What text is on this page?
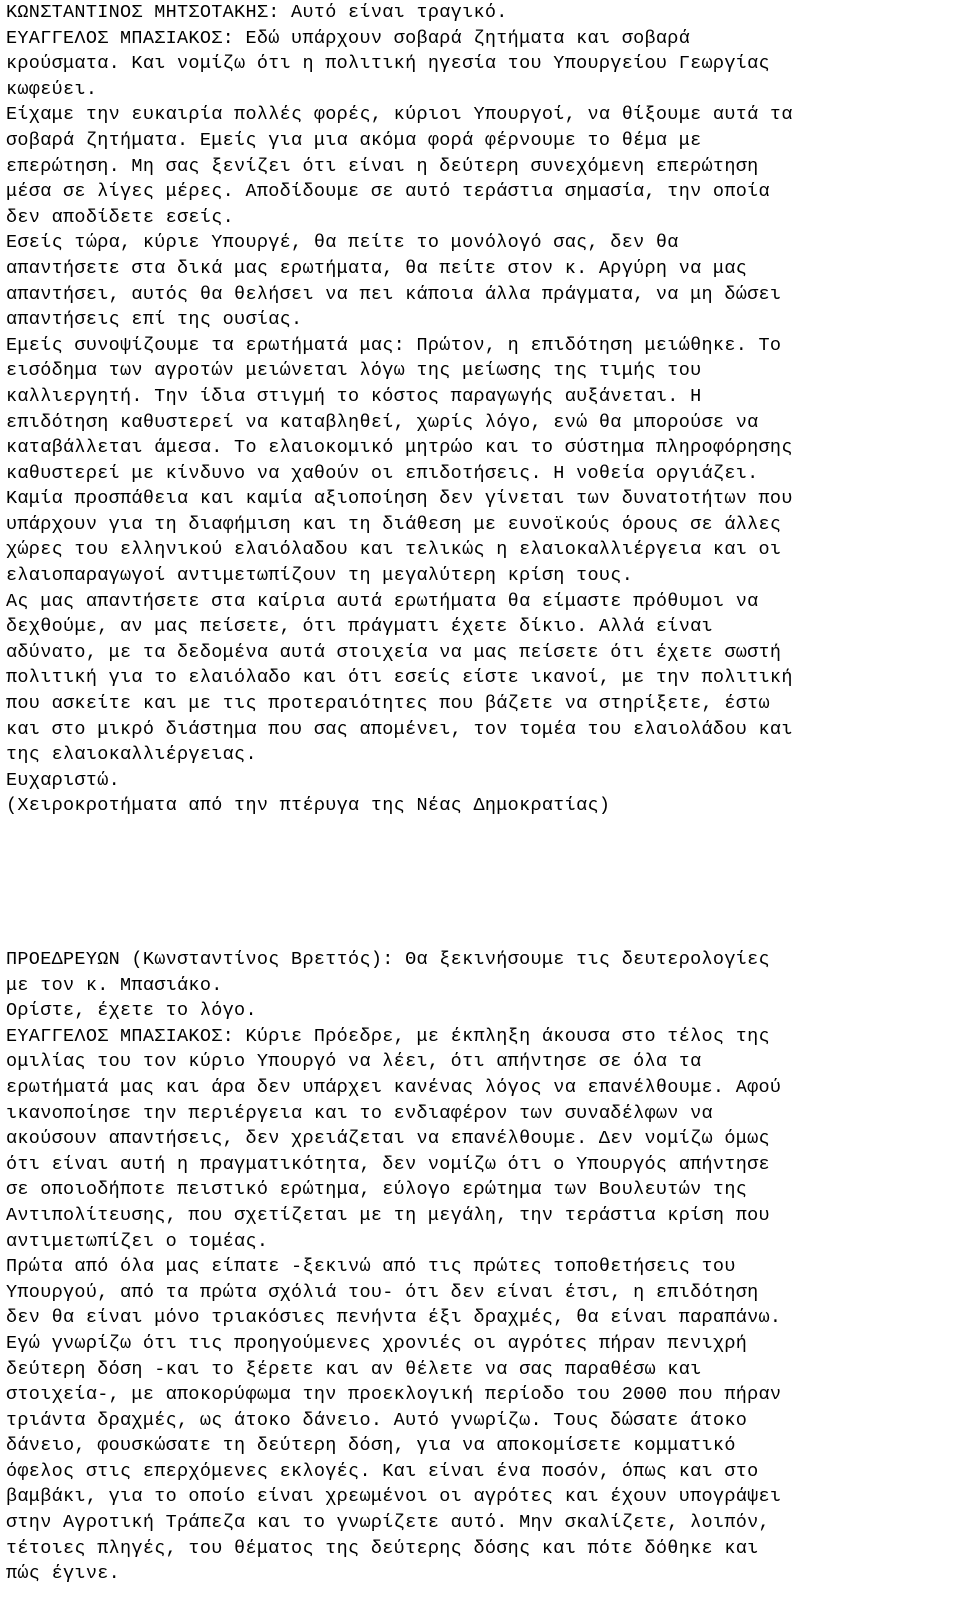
ΚΩΝΣΤΑΝΤΙΝΟΣ ΜΗΤΣΟΤΑΚΗΣ: Αυτό είναι τραγικό.
ΕΥΑΓΓΕΛΟΣ ΜΠΑΣΙΑΚΟΣ: Εδώ υπάρχουν σοβαρά ζητήματα και σοβαρά
κρούσματα. Και νομίζω ότι η πολιτική ηγεσία του Υπουργείου Γεωργίας
κωφεύει.
Είχαμε την ευκαιρία πολλές φορές, κύριοι Υπουργοί, να θίξουμε αυτά τα
σοβαρά ζητήματα. Εμείς για μια ακόμα φορά φέρνουμε το θέμα με
επερώτηση. Μη σας ξενίζει ότι είναι η δεύτερη συνεχόμενη επερώτηση
μέσα σε λίγες μέρες. Αποδίδουμε σε αυτό τεράστια σημασία, την οποία
δεν αποδίδετε εσείς.
Εσείς τώρα, κύριε Υπουργέ, θα πείτε το μονόλογό σας, δεν θα
απαντήσετε στα δικά μας ερωτήματα, θα πείτε στον κ. Αργύρη να μας
απαντήσει, αυτός θα θελήσει να πει κάποια άλλα πράγματα, να μη δώσει
απαντήσεις επί της ουσίας.
Εμείς συνοψίζουμε τα ερωτήματά μας: Πρώτον, η επιδότηση μειώθηκε. Το
εισόδημα των αγροτών μειώνεται λόγω της μείωσης της τιμής του
καλλιεργητή. Την ίδια στιγμή το κόστος παραγωγής αυξάνεται. Η
επιδότηση καθυστερεί να καταβληθεί, χωρίς λόγο, ενώ θα μπορούσε να
καταβάλλεται άμεσα. Το ελαιοκομικό μητρώο και το σύστημα πληροφόρησης
καθυστερεί με κίνδυνο να χαθούν οι επιδοτήσεις. Η νοθεία οργιάζει.
Καμία προσπάθεια και καμία αξιοποίηση δεν γίνεται των δυνατοτήτων που
υπάρχουν για τη διαφήμιση και τη διάθεση με ευνοϊκούς όρους σε άλλες
χώρες του ελληνικού ελαιόλαδου και τελικώς η ελαιοκαλλιέργεια και οι
ελαιοπαραγωγοί αντιμετωπίζουν τη μεγαλύτερη κρίση τους.
Ας μας απαντήσετε στα καίρια αυτά ερωτήματα θα είμαστε πρόθυμοι να
δεχθούμε, αν μας πείσετε, ότι πράγματι έχετε δίκιο. Αλλά είναι
αδύνατο, με τα δεδομένα αυτά στοιχεία να μας πείσετε ότι έχετε σωστή
πολιτική για το ελαιόλαδο και ότι εσείς είστε ικανοί, με την πολιτική
που ασκείτε και με τις προτεραιότητες που βάζετε να στηρίξετε, έστω
και στο μικρό διάστημα που σας απομένει, τον τομέα του ελαιολάδου και
της ελαιοκαλλιέργειας.
Ευχαριστώ.
(Χειροκροτήματα από την πτέρυγα της Νέας Δημοκρατίας)
ΠΡΟΕΔΡΕΥΩΝ (Κωνσταντίνος Βρεττός): Θα ξεκινήσουμε τις δευτερολογίες
με τον κ. Μπασιάκο.
Ορίστε, έχετε το λόγο.
ΕΥΑΓΓΕΛΟΣ ΜΠΑΣΙΑΚΟΣ: Κύριε Πρόεδρε, με έκπληξη άκουσα στο τέλος της
ομιλίας του τον κύριο Υπουργό να λέει, ότι απήντησε σε όλα τα
ερωτήματά μας και άρα δεν υπάρχει κανένας λόγος να επανέλθουμε. Αφού
ικανοποίησε την περιέργεια και το ενδιαφέρον των συναδέλφων να
ακούσουν απαντήσεις, δεν χρειάζεται να επανέλθουμε. Δεν νομίζω όμως
ότι είναι αυτή η πραγματικότητα, δεν νομίζω ότι ο Υπουργός απήντησε
σε οποιοδήποτε πειστικό ερώτημα, εύλογο ερώτημα των Βουλευτών της
Αντιπολίτευσης, που σχετίζεται με τη μεγάλη, την τεράστια κρίση που
αντιμετωπίζει ο τομέας.
Πρώτα από όλα μας είπατε -ξεκινώ από τις πρώτες τοποθετήσεις του
Υπουργού, από τα πρώτα σχόλιά του- ότι δεν είναι έτσι, η επιδότηση
δεν θα είναι μόνο τριακόσιες πενήντα έξι δραχμές, θα είναι παραπάνω.
Εγώ γνωρίζω ότι τις προηγούμενες χρονιές οι αγρότες πήραν πενιχρή
δεύτερη δόση -και το ξέρετε και αν θέλετε να σας παραθέσω και
στοιχεία-, με αποκορύφωμα την προεκλογική περίοδο του 2000 που πήραν
τριάντα δραχμές, ως άτοκο δάνειο. Αυτό γνωρίζω. Τους δώσατε άτοκο
δάνειο, φουσκώσατε τη δεύτερη δόση, για να αποκομίσετε κομματικό
όφελος στις επερχόμενες εκλογές. Και είναι ένα ποσόν, όπως και στο
βαμβάκι, για το οποίο είναι χρεωμένοι οι αγρότες και έχουν υπογράψει
στην Αγροτική Τράπεζα και το γνωρίζετε αυτό. Μην σκαλίζετε, λοιπόν,
τέτοιες πληγές, του θέματος της δεύτερης δόσης και πότε δόθηκε και
πώς έγινε.
